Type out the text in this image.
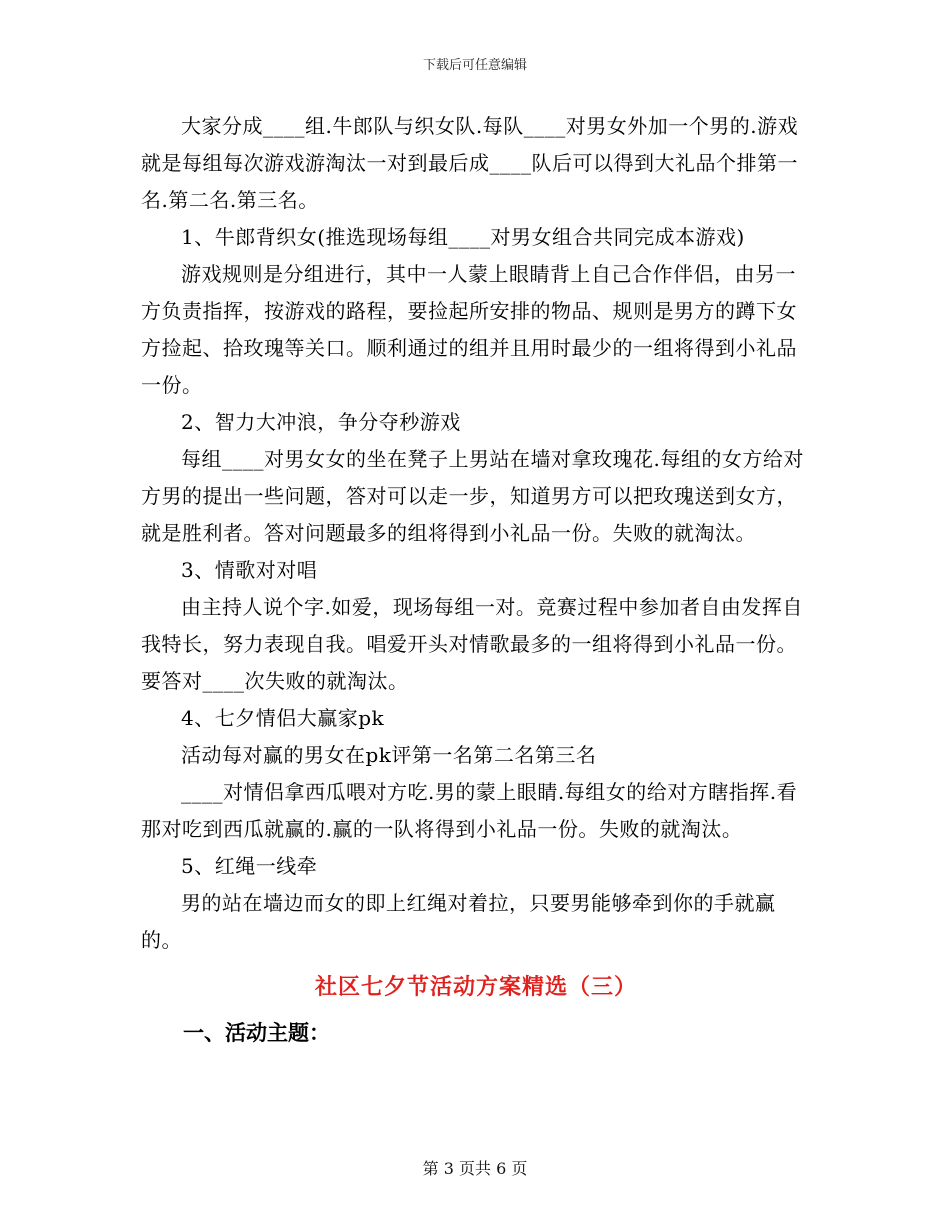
下载后可任意编辑

大家分成____组.牛郎队与织女队.每队____对男女外加一个男的.游戏就是每组每次游戏游淘汰一对到最后成____队后可以得到大礼品个排第一名.第二名.第三名。

1、牛郎背织女(推选现场每组____对男女组合共同完成本游戏)

游戏规则是分组进行，其中一人蒙上眼睛背上自己合作伴侣，由另一方负责指挥，按游戏的路程，要捡起所安排的物品、规则是男方的蹲下女方捡起、拾玫瑰等关口。顺利通过的组并且用时最少的一组将得到小礼品一份。

2、智力大冲浪，争分夺秒游戏

每组____对男女女的坐在凳子上男站在墙对拿玫瑰花.每组的女方给对方男的提出一些问题，答对可以走一步，知道男方可以把玫瑰送到女方，就是胜利者。答对问题最多的组将得到小礼品一份。失败的就淘汰。

3、情歌对对唱

由主持人说个字.如爱，现场每组一对。竞赛过程中参加者自由发挥自我特长，努力表现自我。唱爱开头对情歌最多的一组将得到小礼品一份。要答对____次失败的就淘汰。

4、七夕情侣大赢家pk

活动每对赢的男女在pk评第一名第二名第三名

____对情侣拿西瓜喂对方吃.男的蒙上眼睛.每组女的给对方瞎指挥.看那对吃到西瓜就赢的.赢的一队将得到小礼品一份。失败的就淘汰。

5、红绳一线牵

男的站在墙边而女的即上红绳对着拉，只要男能够牵到你的手就赢的。

社区七夕节活动方案精选（三）
一、活动主题：
第 3 页共 6 页
